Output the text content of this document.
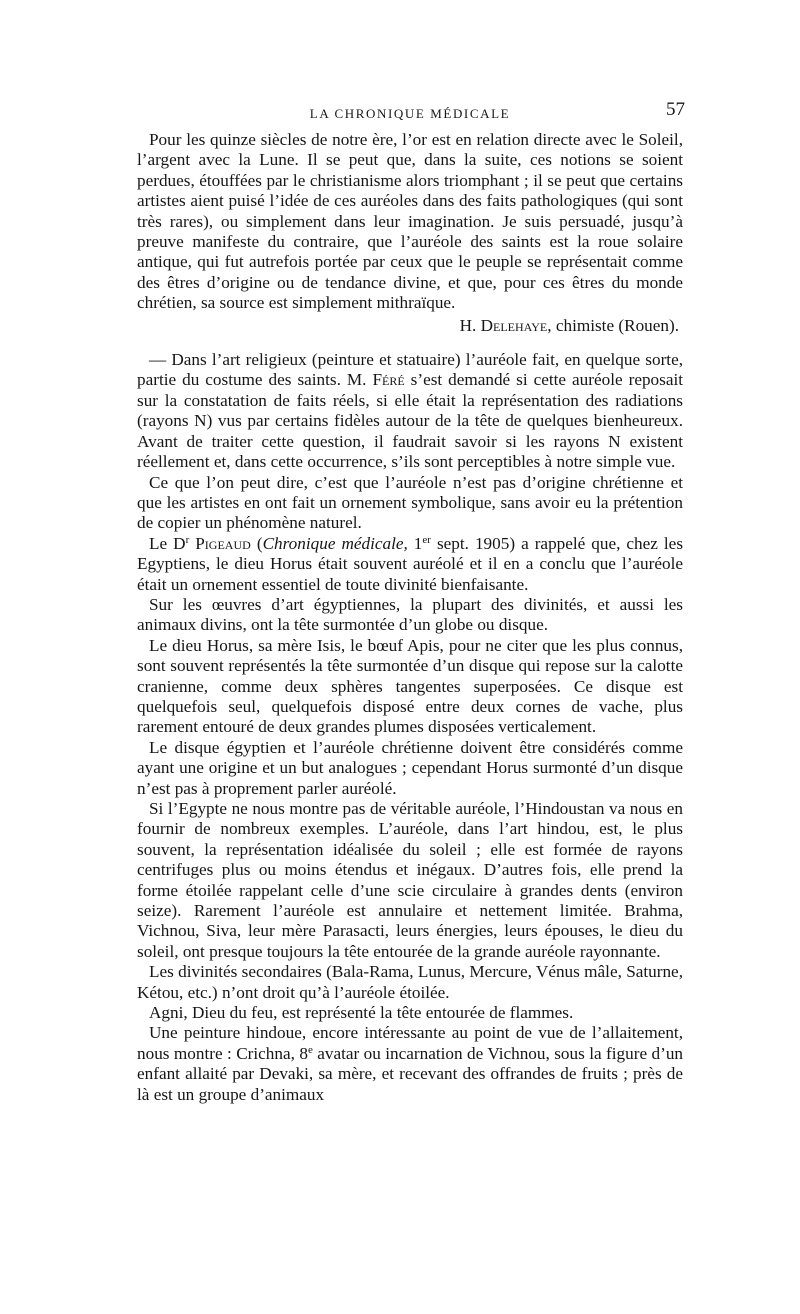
LA CHRONIQUE MÉDICALE	57

Pour les quinze siècles de notre ère, l’or est en relation directe avec le Soleil, l’argent avec la Lune. Il se peut que, dans la suite, ces notions se soient perdues, étouffées par le christianisme alors triomphant ; il se peut que certains artistes aient puisé l’idée de ces auréoles dans des faits pathologiques (qui sont très rares), ou simplement dans leur imagination. Je suis persuadé, jusqu’à preuve manifeste du contraire, que l’auréole des saints est la roue solaire antique, qui fut autrefois portée par ceux que le peuple se représentait comme des êtres d’origine ou de tendance divine, et que, pour ces êtres du monde chrétien, sa source est simplement mithraïque.

H. Delehaye, chimiste (Rouen).

— Dans l’art religieux (peinture et statuaire) l’auréole fait, en quelque sorte, partie du costume des saints. M. Féré s’est demandé si cette auréole reposait sur la constatation de faits réels, si elle était la représentation des radiations (rayons N) vus par certains fidèles autour de la tête de quelques bienheureux. Avant de traiter cette question, il faudrait savoir si les rayons N existent réellement et, dans cette occurrence, s’ils sont perceptibles à notre simple vue.

Ce que l’on peut dire, c’est que l’auréole n’est pas d’origine chrétienne et que les artistes en ont fait un ornement symbolique, sans avoir eu la prétention de copier un phénomène naturel.

Le $D^r$ Pigeaud (Chronique médicale, 1er sept. 1905) a rappelé que, chez les Egyptiens, le dieu Horus était souvent auréolé et il en a conclu que l’auréole était un ornement essentiel de toute divinité bienfaisante.

Sur les œuvres d’art égyptiennes, la plupart des divinités, et aussi les animaux divins, ont la tête surmontée d’un globe ou disque.

Le dieu Horus, sa mère Isis, le bœuf Apis, pour ne citer que les plus connus, sont souvent représentés la tête surmontée d’un disque qui repose sur la calotte cranienne, comme deux sphères tangentes superposées. Ce disque est quelquefois seul, quelquefois disposé entre deux cornes de vache, plus rarement entouré de deux grandes plumes disposées verticalement.

Le disque égyptien et l’auréole chrétienne doivent être considérés comme ayant une origine et un but analogues ; cependant Horus surmonté d’un disque n’est pas à proprement parler auréolé.

Si l’Egypte ne nous montre pas de véritable auréole, l’Hindoustan va nous en fournir de nombreux exemples. L’auréole, dans l’art hindou, est, le plus souvent, la représentation idéalisée du soleil ; elle est formée de rayons centrifuges plus ou moins étendus et inégaux. D’autres fois, elle prend la forme étoilée rappelant celle d’une scie circulaire à grandes dents (environ seize). Rarement l’auréole est annulaire et nettement limitée. Brahma, Vichnou, Siva, leur mère Parasacti, leurs énergies, leurs épouses, le dieu du soleil, ont presque toujours la tête entourée de la grande auréole rayonnante.

Les divinités secondaires (Bala-Rama, Lunus, Mercure, Vénus mâle, Saturne, Kétou, etc.) n’ont droit qu’à l’auréole étoilée.

Agni, Dieu du feu, est représenté la tête entourée de flammes.

Une peinture hindoue, encore intéressante au point de vue de l’allaitement, nous montre : Crichna, 8e avatar ou incarnation de Vichnou, sous la figure d’un enfant allaité par Devaki, sa mère, et recevant des offrandes de fruits ; près de là est un groupe d’animaux
